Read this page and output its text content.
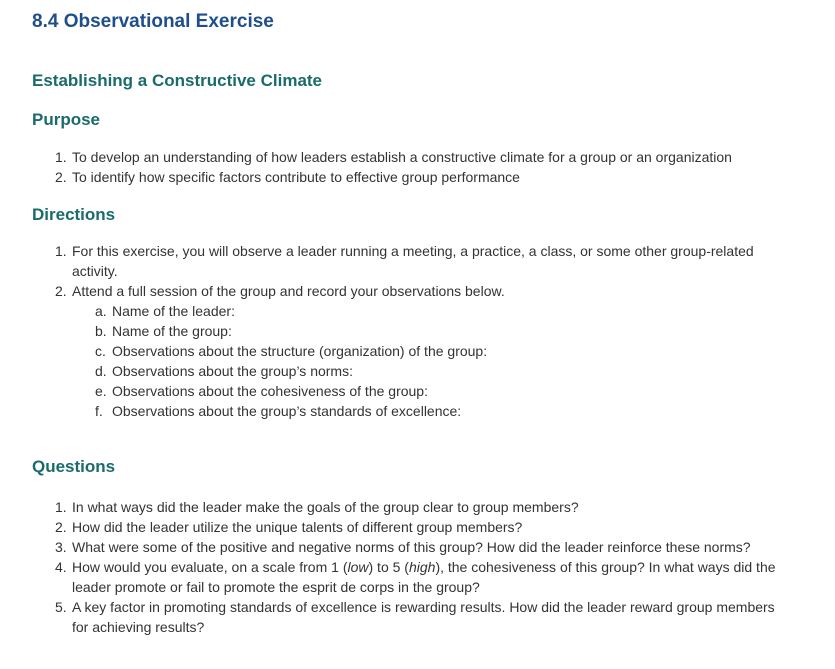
8.4 Observational Exercise
Establishing a Constructive Climate
Purpose
1. To develop an understanding of how leaders establish a constructive climate for a group or an organization
2. To identify how specific factors contribute to effective group performance
Directions
1. For this exercise, you will observe a leader running a meeting, a practice, a class, or some other group-related activity.
2. Attend a full session of the group and record your observations below.
a. Name of the leader:
b. Name of the group:
c. Observations about the structure (organization) of the group:
d. Observations about the group’s norms:
e. Observations about the cohesiveness of the group:
f. Observations about the group’s standards of excellence:
Questions
1. In what ways did the leader make the goals of the group clear to group members?
2. How did the leader utilize the unique talents of different group members?
3. What were some of the positive and negative norms of this group? How did the leader reinforce these norms?
4. How would you evaluate, on a scale from 1 (low) to 5 (high), the cohesiveness of this group? In what ways did the leader promote or fail to promote the esprit de corps in the group?
5. A key factor in promoting standards of excellence is rewarding results. How did the leader reward group members for achieving results?
